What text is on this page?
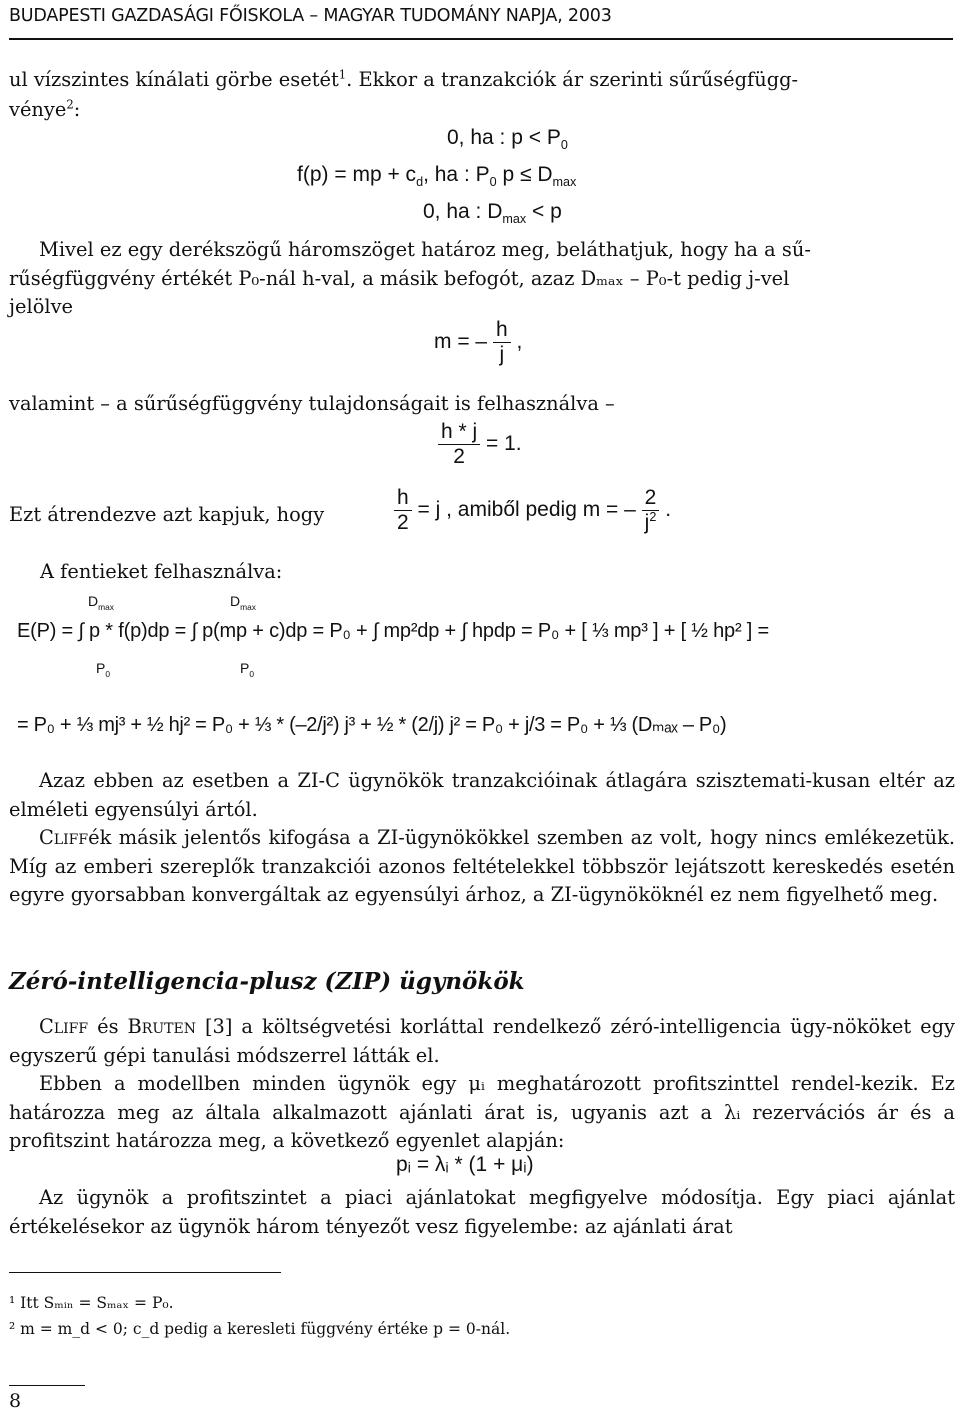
BUDAPESTI GAZDASÁGI FŐISKOLA – MAGYAR TUDOMÁNY NAPJA, 2003
ul vízszintes kínálati görbe esetét$^1$. Ekkor a tranzakciók ár szerinti sűrűségfügg-
vénye$^2$:
0, ha : $p < P_0$
f(p) = mp + $c_d$, ha : $P_0$ $p \le D_{max}$
0, ha : $D_{max} < p$
Mivel ez egy derékszögű háromszöget határoz meg, beláthatjuk, hogy ha a sű-
rűségfüggvény értékét P₀-nál h-val, a másik befogót, azaz Dₘₐₓ – P₀-t pedig j-vel
jelölve
m = – $\frac{h}{j}$ ,
valamint – a sűrűségfüggvény tulajdonságait is felhasználva –
$\frac{h * j}{2} = 1$.
Ezt átrendezve azt kapjuk, hogy	$\frac{h}{2} = j$ , amiből pedig m = – $\frac{2}{j^2}$ .
A fentieket felhasználva:
E(P) = ∫ p * f(p)dp = ∫ p(mp + c)dp = P₀ + ∫ mp²dp + ∫ hpdp = P₀ + [ ⅓ mp³ ] + [ ½ hp² ] =
$D_{max}$	$D_{max}$
$P_0$	$P_0$
= P₀ + ⅓ mj³ + ½ hj² = P₀ + ⅓ * (–2/j²) j³ + ½ * (2/j) j² = P₀ + j/3 = P₀ + ⅓ (Dₘₐₓ – P₀)
Azaz ebben az esetben a ZI-C ügynökök tranzakcióinak átlagára szisztemati-kusan eltér az elméleti egyensúlyi ártól.
Cliffék másik jelentős kifogása a ZI-ügynökökkel szemben az volt, hogy nincs emlékezetük. Míg az emberi szereplők tranzakciói azonos feltételekkel többször lejátszott kereskedés esetén egyre gyorsabban konvergáltak az egyensúlyi árhoz, a ZI-ügynököknél ez nem figyelhető meg.
Zéró-intelligencia-plusz (ZIP) ügynökök
Cliff és Bruten [3] a költségvetési korláttal rendelkező zéró-intelligencia ügy-nököket egy egyszerű gépi tanulási módszerrel látták el.
Ebben a modellben minden ügynök egy μᵢ meghatározott profitszinttel rendel-kezik. Ez határozza meg az általa alkalmazott ajánlati árat is, ugyanis azt a λᵢ rezervációs ár és a profitszint határozza meg, a következő egyenlet alapján:
pᵢ = λᵢ * (1 + μᵢ)
Az ügynök a profitszintet a piaci ajánlatokat megfigyelve módosítja. Egy piaci ajánlat értékelésekor az ügynök három tényezőt vesz figyelembe: az ajánlati árat
¹ Itt Sₘᵢₙ = Sₘₐₓ = P₀.
² m = m_d < 0; c_d pedig a keresleti függvény értéke p = 0-nál.
8
